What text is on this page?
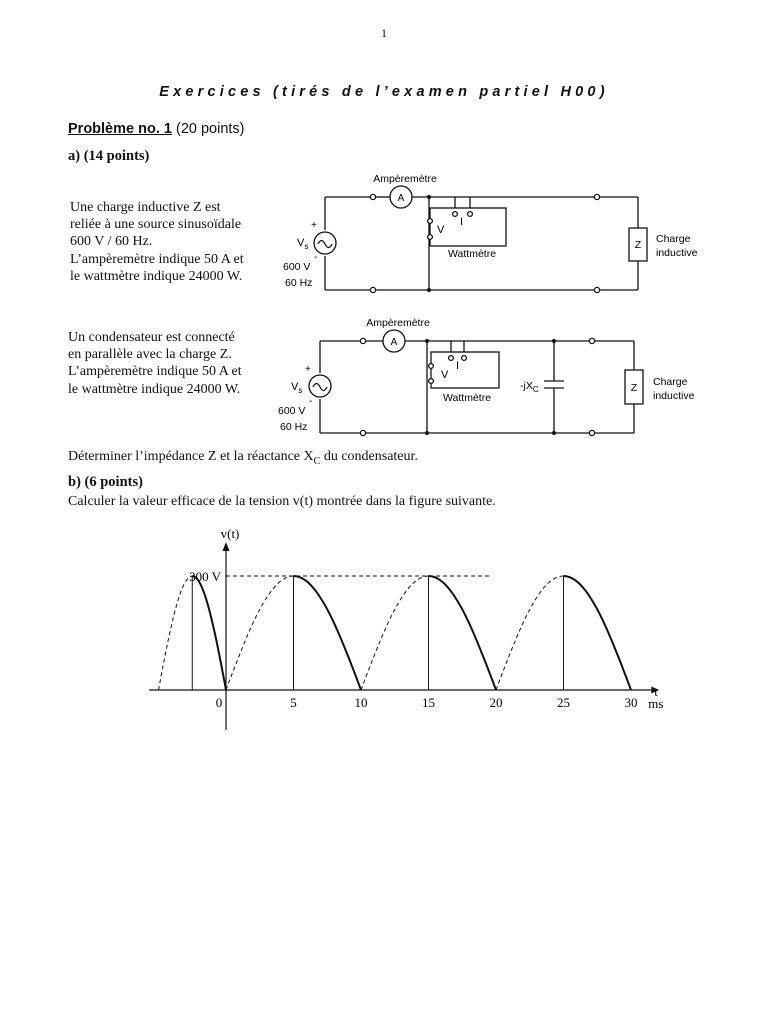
1
Exercices (tirés de l’examen partiel H00)
Problème no. 1 (20 points)
a) (14 points)
Une charge inductive Z est
reliée à une source sinusoïdale
600 V / 60 Hz.
L’ampèremètre indique 50 A et
le wattmètre indique 24000 W.
Un condensateur est connecté
en parallèle avec la charge Z.
L’ampèremètre indique 50 A et
le wattmètre indique 24000 W.
Ampèremètre
A
V
I
Wattmètre
+
-
$V_s$
600 V
60 Hz
Z Charge
inductive
Ampèremètre
A
V
I
Wattmètre
+
-
$V_s$
600 V
60 Hz
$-jX_C$	Z Charge
inductive
Déterminer l’impédance Z et la réactance $X_C$ du condensateur.
b) (6 points)
Calculer la valeur efficace de la tension v(t) montrée dans la figure suivante.
v(t)
300 V
t
ms
0	5	10	15	20	25	30
